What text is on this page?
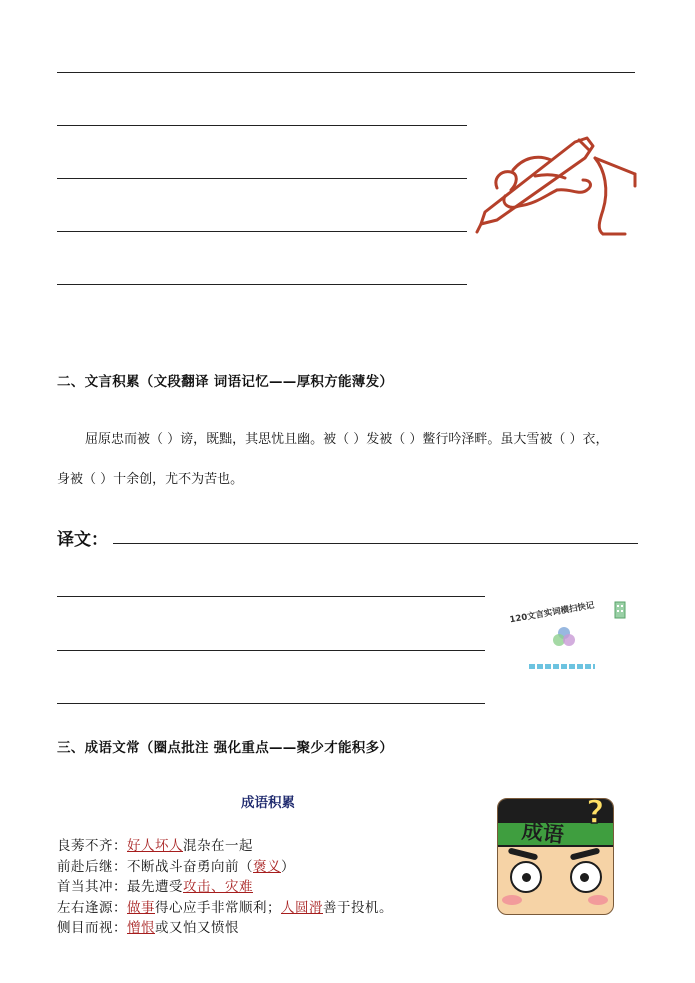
二、文言积累（文段翻译 词语记忆——厚积方能薄发）
屈原忠而被（ ）谤，既黜，其思忧且幽。被（ ）发被（ ）鳖行吟泽畔。虽大雪被（ ）衣，
身被（ ）十余创，尤不为苦也。
译文：
120文言实词横扫快记
三、成语文常（圈点批注 强化重点——聚少才能积多）
成语积累
良莠不齐：好人坏人混杂在一起
前赴后继：不断战斗奋勇向前（褒义）
首当其冲：最先遭受攻击、灾难
左右逢源：做事得心应手非常顺利；人圆滑善于投机。
侧目而视：憎恨或又怕又愤恨
成语
?
